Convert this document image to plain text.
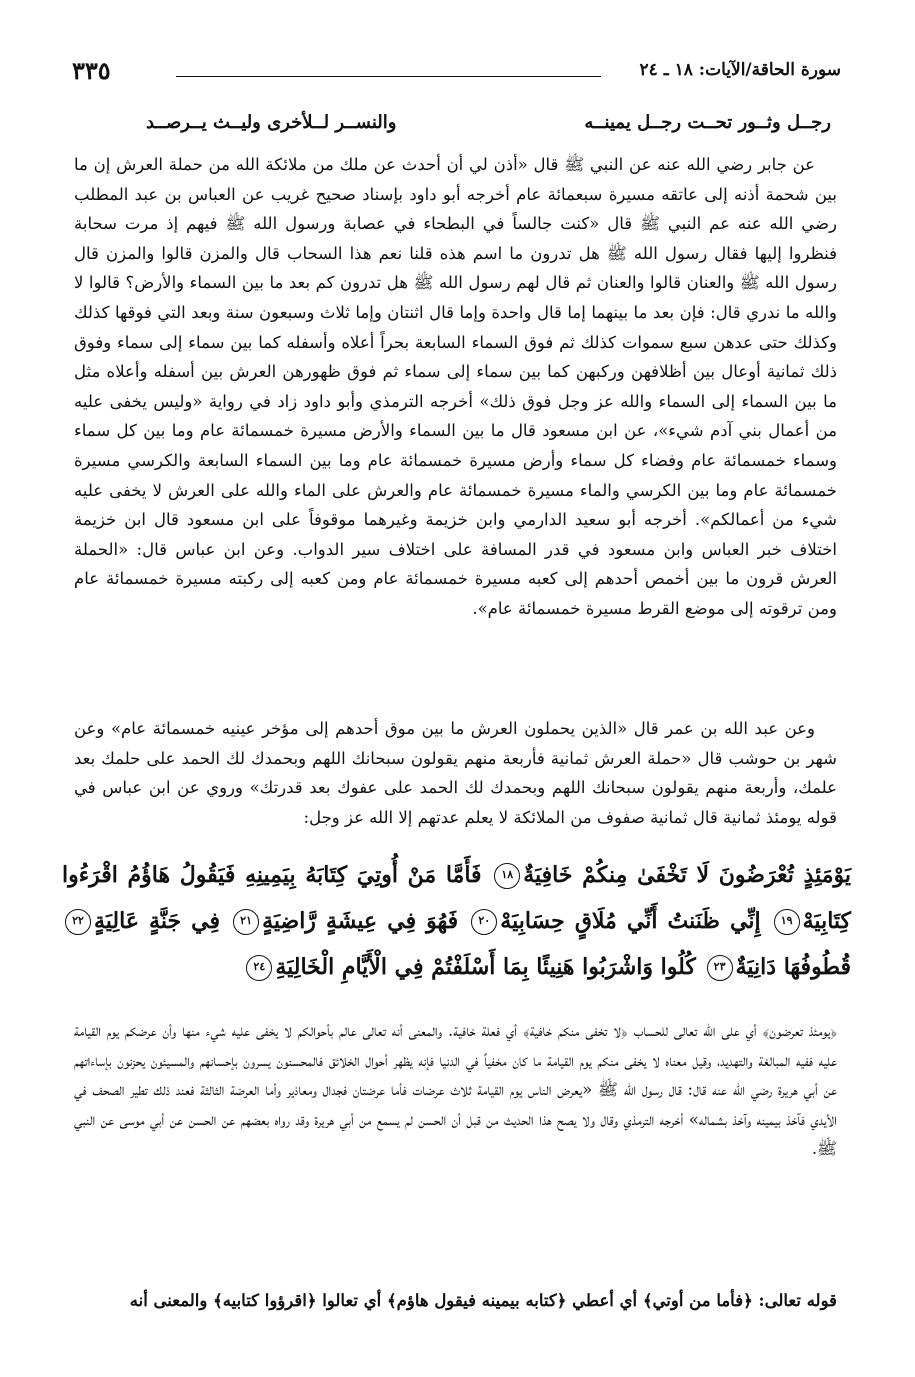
سورة الحاقة/الآيات: ١٨ ـ ٢٤
٣٣٥
رجــل وثــور تحــت رجــل يمينــه
والنســر لــلأخرى وليــث يــرصــد
عن جابر رضي الله عنه عن النبي ﷺ قال «أذن لي أن أحدث عن ملك من ملائكة الله من حملة العرش إن ما بين شحمة أذنه إلى عاتقه مسيرة سبعمائة عام أخرجه أبو داود بإسناد صحيح غريب عن العباس بن عبد المطلب رضي الله عنه عم النبي ﷺ قال «كنت جالساً في البطحاء في عصابة ورسول الله ﷺ فيهم إذ مرت سحابة فنظروا إليها فقال رسول الله ﷺ هل تدرون ما اسم هذه قلنا نعم هذا السحاب قال والمزن قالوا والمزن قال رسول الله ﷺ والعنان قالوا والعنان ثم قال لهم رسول الله ﷺ هل تدرون كم بعد ما بين السماء والأرض؟ قالوا لا والله ما ندري قال: فإن بعد ما بينهما إما قال واحدة وإما قال اثنتان وإما ثلاث وسبعون سنة وبعد التي فوقها كذلك وكذلك حتى عدهن سبع سموات كذلك ثم فوق السماء السابعة بحراً أعلاه وأسفله كما بين سماء إلى سماء وفوق ذلك ثمانية أوعال بين أظلافهن وركبهن كما بين سماء إلى سماء ثم فوق ظهورهن العرش بين أسفله وأعلاه مثل ما بين السماء إلى السماء والله عز وجل فوق ذلك» أخرجه الترمذي وأبو داود زاد في رواية «وليس يخفى عليه من أعمال بني آدم شيء»، عن ابن مسعود قال ما بين السماء والأرض مسيرة خمسمائة عام وما بين كل سماء وسماء خمسمائة عام وفضاء كل سماء وأرض مسيرة خمسمائة عام وما بين السماء السابعة والكرسي مسيرة خمسمائة عام وما بين الكرسي والماء مسيرة خمسمائة عام والعرش على الماء والله على العرش لا يخفى عليه شيء من أعمالكم». أخرجه أبو سعيد الدارمي وابن خزيمة وغيرهما موقوفاً على ابن مسعود قال ابن خزيمة اختلاف خبر العباس وابن مسعود في قدر المسافة على اختلاف سير الدواب. وعن ابن عباس قال: «الحملة العرش قرون ما بين أخمص أحدهم إلى كعبه مسيرة خمسمائة عام ومن كعبه إلى ركبته مسيرة خمسمائة عام ومن ترقوته إلى موضع القرط مسيرة خمسمائة عام».
وعن عبد الله بن عمر قال «الذين يحملون العرش ما بين موق أحدهم إلى مؤخر عينيه خمسمائة عام» وعن شهر بن حوشب قال «حملة العرش ثمانية فأربعة منهم يقولون سبحانك اللهم وبحمدك لك الحمد على حلمك بعد علمك، وأربعة منهم يقولون سبحانك اللهم وبحمدك لك الحمد على عفوك بعد قدرتك» وروي عن ابن عباس في قوله يومئذ ثمانية قال ثمانية صفوف من الملائكة لا يعلم عدتهم إلا الله عز وجل:
يَوْمَئِذٍ تُعْرَضُونَ لَا تَخْفَىٰ مِنكُمْ خَافِيَةٌ١٨ فَأَمَّا مَنْ أُوتِيَ كِتَابَهُ بِيَمِينِهِ فَيَقُولُ هَاؤُمُ اقْرَءُوا كِتَابِيَهْ١٩ إِنِّي ظَنَنتُ أَنِّي مُلَاقٍ حِسَابِيَهْ٢٠ فَهُوَ فِي عِيشَةٍ رَّاضِيَةٍ٢١ فِي جَنَّةٍ عَالِيَةٍ٢٢ قُطُوفُهَا دَانِيَةٌ٢٣ كُلُوا وَاشْرَبُوا هَنِيئًا بِمَا أَسْلَفْتُمْ فِي الْأَيَّامِ الْخَالِيَةِ٢٤
﴿يومئذ تعرضون﴾ أي على الله تعالى للحساب ﴿لا تخفى منكم خافية﴾ أي فعلة خافية. والمعنى أنه تعالى عالم بأحوالكم لا يخفى عليه شيء منها وأن عرضكم يوم القيامة عليه ففيه المبالغة والتهديد، وقيل معناه لا يخفى منكم يوم القيامة ما كان مخفياً في الدنيا فإنه يظهر أحوال الخلائق فالمحسنون يسرون بإحسانهم والمسيئون يحزنون بإساءاتهم عن أبي هريرة رضي الله عنه قال: قال رسول الله ﷺ «يعرض الناس يوم القيامة ثلاث عرضات فأما عرضتان فجدال ومعاذير وأما العرضة الثالثة فعند ذلك تطير الصحف في الأيدي فآخذ بيمينه وآخذ بشماله» أخرجه الترمذي وقال ولا يصح هذا الحديث من قبل أن الحسن لم يسمع من أبي هريرة وقد رواه بعضهم عن الحسن عن أبي موسى عن النبي ﷺ.
قوله تعالى: ﴿فأما من أوتي﴾ أي أعطي ﴿كتابه بيمينه فيقول هاؤم﴾ أي تعالوا ﴿اقرؤوا كتابيه﴾ والمعنى أنه
